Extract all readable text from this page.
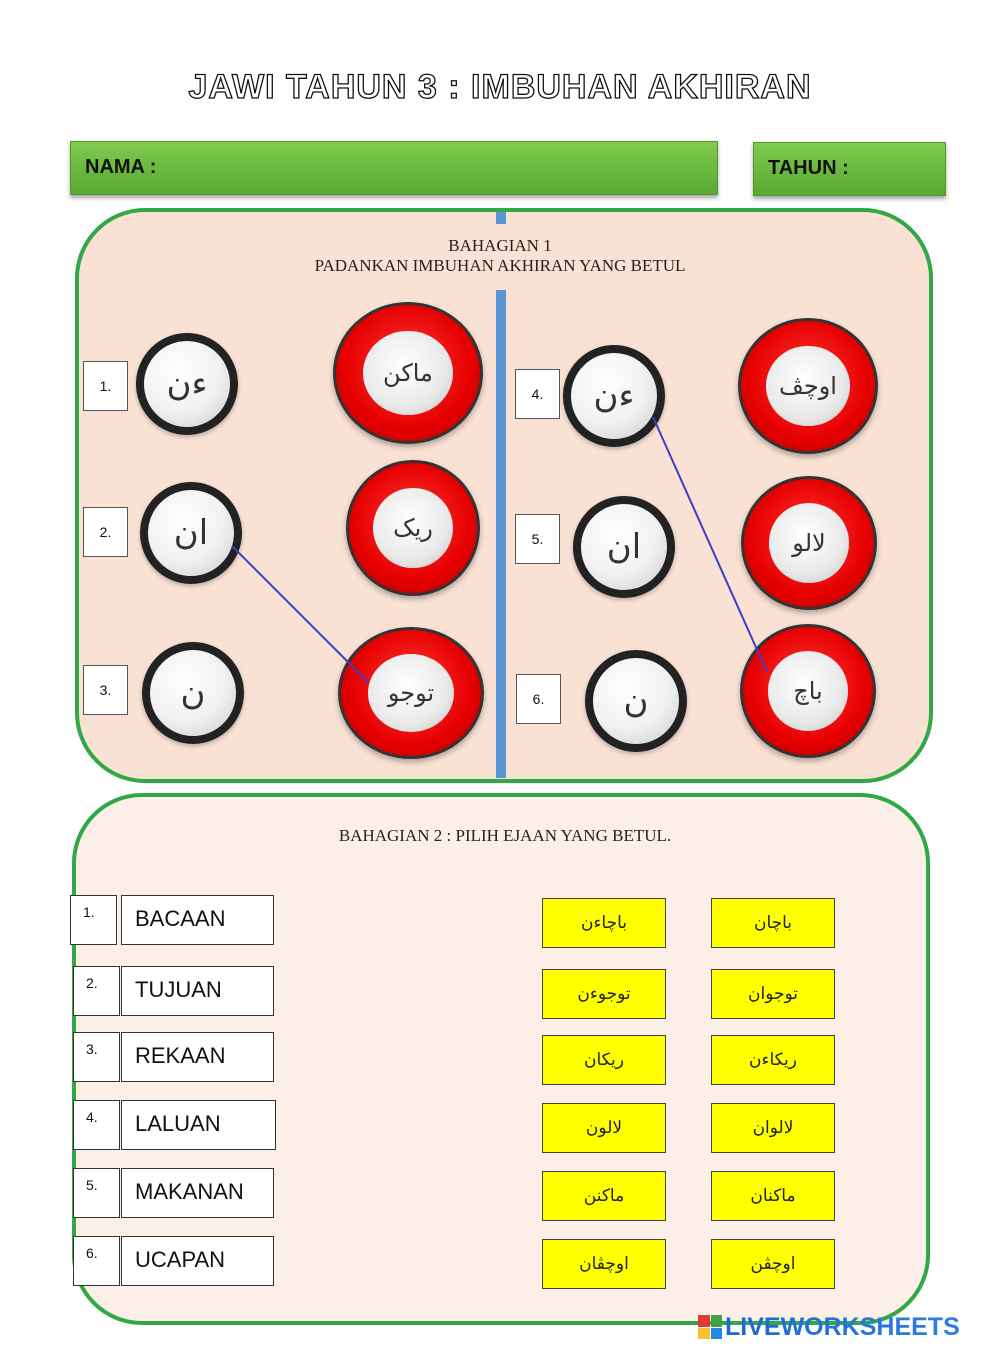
JAWI TAHUN 3 : IMBUHAN AKHIRAN
NAMA :	TAHUN :
BAHAGIAN 1
PADANKAN IMBUHAN AKHIRAN YANG BETUL
1.
2.
3.
ءن
ان
ن
ماكن
ريک
توجو
4.
5.
6.
ءن
ان
ن
اوچڤ
لالو
باچ
BAHAGIAN 2 : PILIH EJAAN YANG BETUL.
1.	BACAAN	باچاءن	باچان
2.	TUJUAN	توجوءن	توجوان
3.	REKAAN	ريکان	ريکاءن
4.	LALUAN	لالون	لالوان
5.	MAKANAN	ماكنن	ماكنان
6.	UCAPAN	اوچڤان	اوچڤن
LIVEWORKSHEETS
